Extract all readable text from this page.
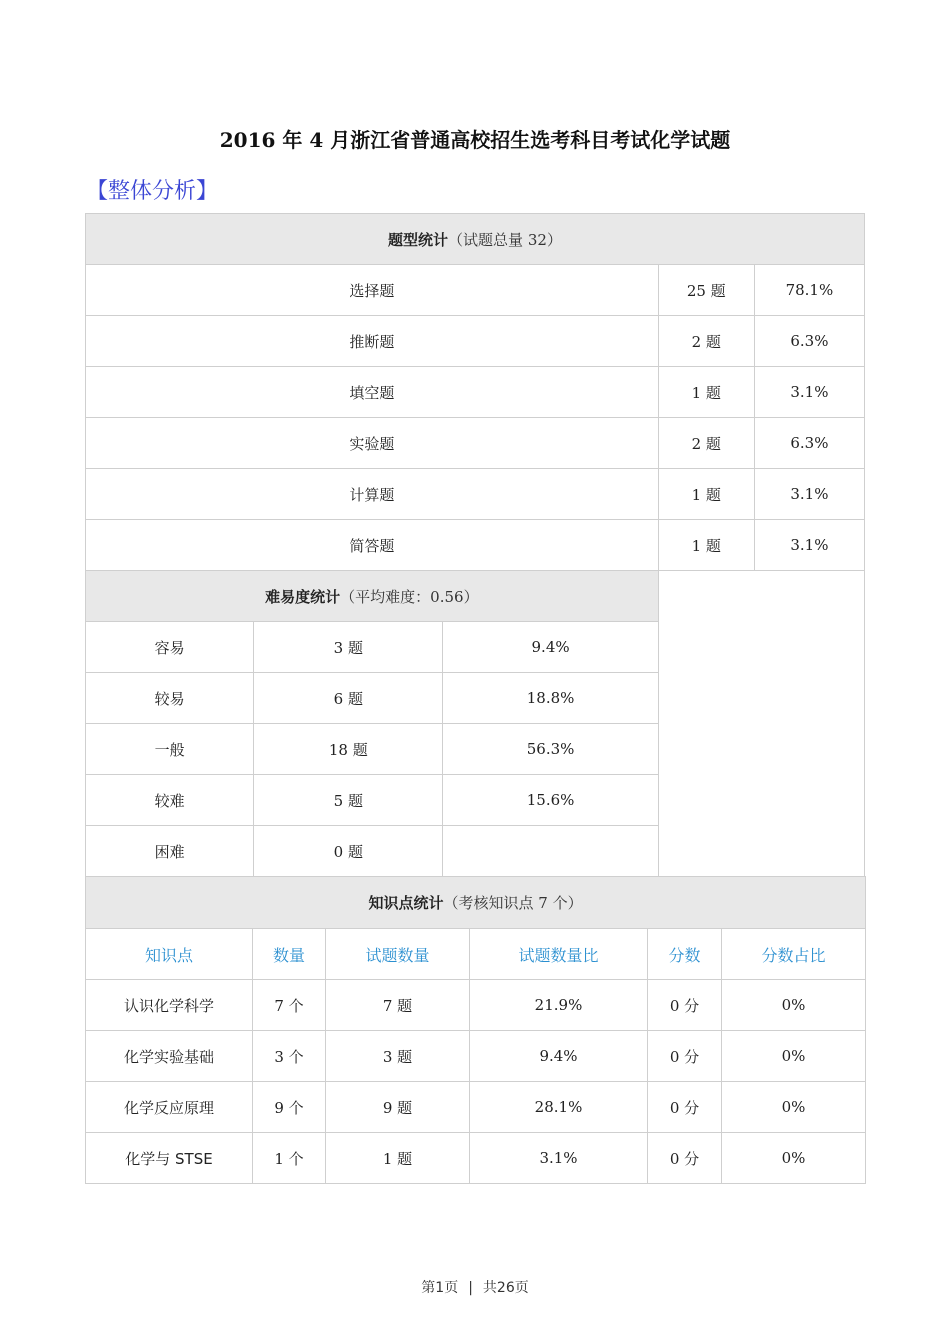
2016 年 4 月浙江省普通高校招生选考科目考试化学试题
【整体分析】
题型统计（试题总量 32）				
选择题			25 题	78.1%
推断题			2 题	6.3%
填空题			1 题	3.1%
实验题			2 题	6.3%
计算题			1 题	3.1%
简答题			1 题	3.1%
难易度统计（平均难度：0.56）				
容易	3 题	9.4%		
较易	6 题	18.8%		
一般	18 题	56.3%		
较难	5 题	15.6%		
困难	0 题			
知识点统计（考核知识点 7 个）					
知识点	数量	试题数量	试题数量比	分数	分数占比
认识化学科学	7 个	7 题	21.9%	0 分	0%
化学实验基础	3 个	3 题	9.4%	0 分	0%
化学反应原理	9 个	9 题	28.1%	0 分	0%
化学与 STSE	1 个	1 题	3.1%	0 分	0%
第1页 | 共26页
